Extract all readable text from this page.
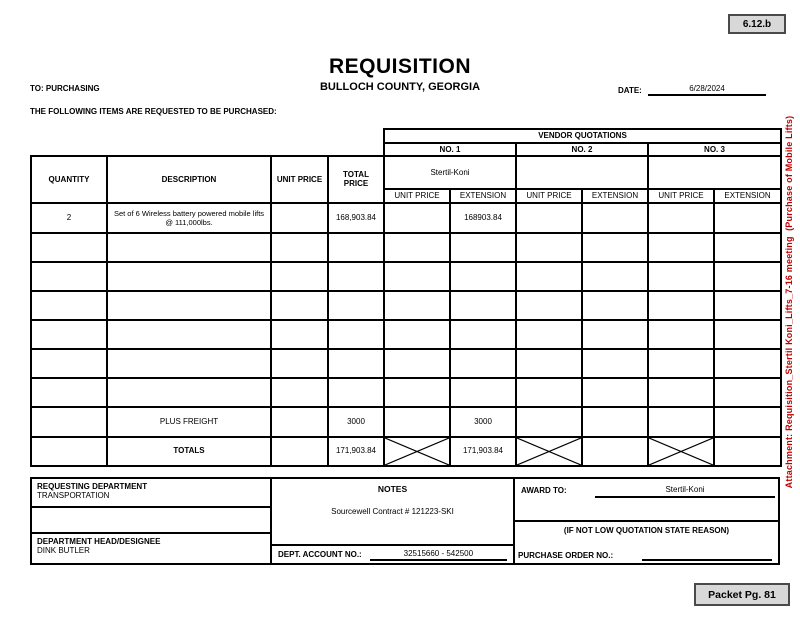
6.12.b
REQUISITION
BULLOCH COUNTY, GEORGIA
TO: PURCHASING	DATE:	6/28/2024
THE FOLLOWING ITEMS ARE REQUESTED TO BE PURCHASED:
				VENDOR QUOTATIONS					
				NO. 1		NO. 2		NO. 3	
QUANTITY	DESCRIPTION	UNIT PRICE	TOTAL PRICE	Stertil-Koni					
				UNIT PRICE	EXTENSION	UNIT PRICE	EXTENSION	UNIT PRICE	EXTENSION
2	Set of 6 Wireless battery powered mobile lifts @ 111,000lbs.		168,903.84		168903.84				

	PLUS FREIGHT		3000		3000				
	TOTALS		171,903.84		171,903.84	

REQUESTING DEPARTMENT
TRANSPORTATION
DEPARTMENT HEAD/DESIGNEE
DINK BUTLER
NOTES
Sourcewell Contract # 121223-SKI
DEPT. ACCOUNT NO.:	32515660 - 542500
AWARD TO:	Stertil-Koni
(IF NOT LOW QUOTATION STATE REASON)
PURCHASE ORDER NO.:
Attachment: Requisition_Stertil Koni_Lifts_7-16 meeting  (Purchase of Mobile Lifts)
Packet Pg. 81
